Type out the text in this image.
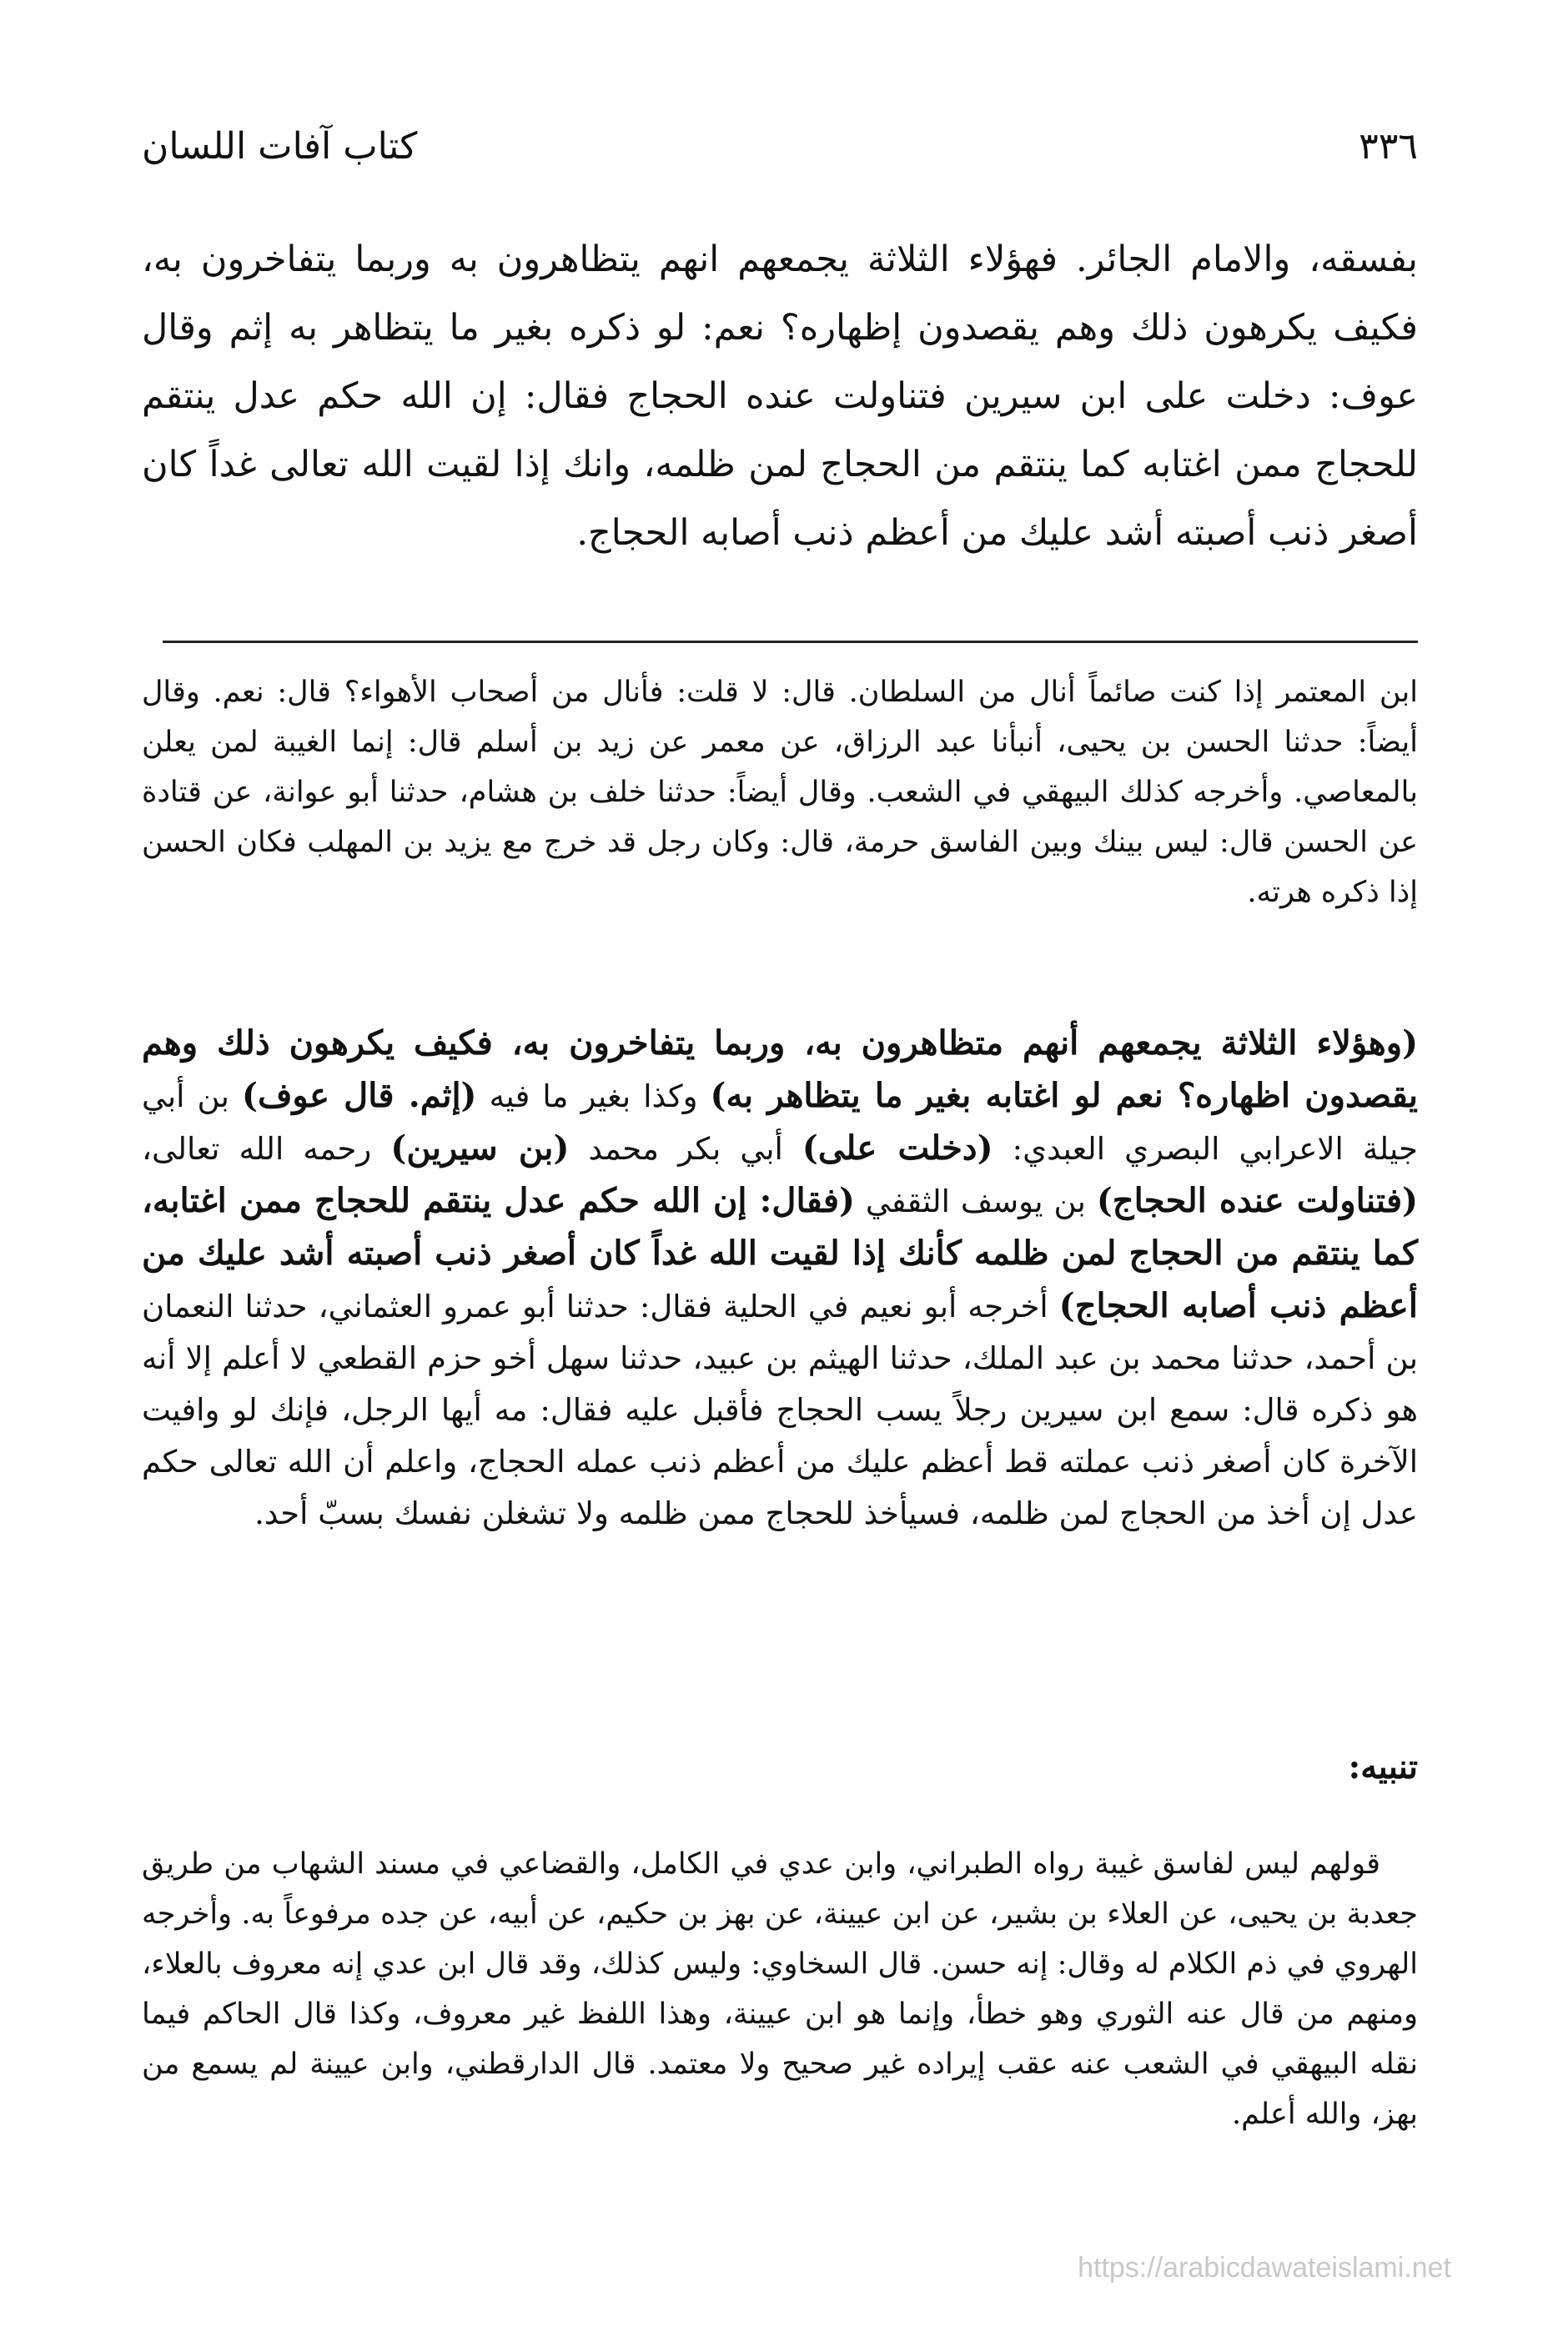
٣٣٦
كتاب آفات اللسان
بفسقه، والامام الجائر. فهؤلاء الثلاثة يجمعهم انهم يتظاهرون به وربما يتفاخرون به، فكيف يكرهون ذلك وهم يقصدون إظهاره؟ نعم: لو ذكره بغير ما يتظاهر به إثم وقال عوف: دخلت على ابن سيرين فتناولت عنده الحجاج فقال: إن الله حكم عدل ينتقم للحجاج ممن اغتابه كما ينتقم من الحجاج لمن ظلمه، وانك إذا لقيت الله تعالى غداً كان أصغر ذنب أصبته أشد عليك من أعظم ذنب أصابه الحجاج.
ابن المعتمر إذا كنت صائماً أنال من السلطان. قال: لا قلت: فأنال من أصحاب الأهواء؟ قال: نعم. وقال أيضاً: حدثنا الحسن بن يحيى، أنبأنا عبد الرزاق، عن معمر عن زيد بن أسلم قال: إنما الغيبة لمن يعلن بالمعاصي. وأخرجه كذلك البيهقي في الشعب. وقال أيضاً: حدثنا خلف بن هشام، حدثنا أبو عوانة، عن قتادة عن الحسن قال: ليس بينك وبين الفاسق حرمة، قال: وكان رجل قد خرج مع يزيد بن المهلب فكان الحسن إذا ذكره هرته.
(وهؤلاء الثلاثة يجمعهم أنهم متظاهرون به، وربما يتفاخرون به، فكيف يكرهون ذلك وهم يقصدون اظهاره؟ نعم لو اغتابه بغير ما يتظاهر به) وكذا بغير ما فيه (إثم. قال عوف) بن أبي جيلة الاعرابي البصري العبدي: (دخلت على) أبي بكر محمد (بن سيرين) رحمه الله تعالى، (فتناولت عنده الحجاج) بن يوسف الثقفي (فقال: إن الله حكم عدل ينتقم للحجاج ممن اغتابه، كما ينتقم من الحجاج لمن ظلمه كأنك إذا لقيت الله غداً كان أصغر ذنب أصبته أشد عليك من أعظم ذنب أصابه الحجاج) أخرجه أبو نعيم في الحلية فقال: حدثنا أبو عمرو العثماني، حدثنا النعمان بن أحمد، حدثنا محمد بن عبد الملك، حدثنا الهيثم بن عبيد، حدثنا سهل أخو حزم القطعي لا أعلم إلا أنه هو ذكره قال: سمع ابن سيرين رجلاً يسب الحجاج فأقبل عليه فقال: مه أيها الرجل، فإنك لو وافيت الآخرة كان أصغر ذنب عملته قط أعظم عليك من أعظم ذنب عمله الحجاج، واعلم أن الله تعالى حكم عدل إن أخذ من الحجاج لمن ظلمه، فسيأخذ للحجاج ممن ظلمه ولا تشغلن نفسك بسبّ أحد.
تنبيه:

قولهم ليس لفاسق غيبة رواه الطبراني، وابن عدي في الكامل، والقضاعي في مسند الشهاب من طريق جعدبة بن يحيى، عن العلاء بن بشير، عن ابن عيينة، عن بهز بن حكيم، عن أبيه، عن جده مرفوعاً به. وأخرجه الهروي في ذم الكلام له وقال: إنه حسن. قال السخاوي: وليس كذلك، وقد قال ابن عدي إنه معروف بالعلاء، ومنهم من قال عنه الثوري وهو خطأ، وإنما هو ابن عيينة، وهذا اللفظ غير معروف، وكذا قال الحاكم فيما نقله البيهقي في الشعب عنه عقب إيراده غير صحيح ولا معتمد. قال الدارقطني، وابن عيينة لم يسمع من بهز، والله أعلم.

https://arabicdawateislami.net
